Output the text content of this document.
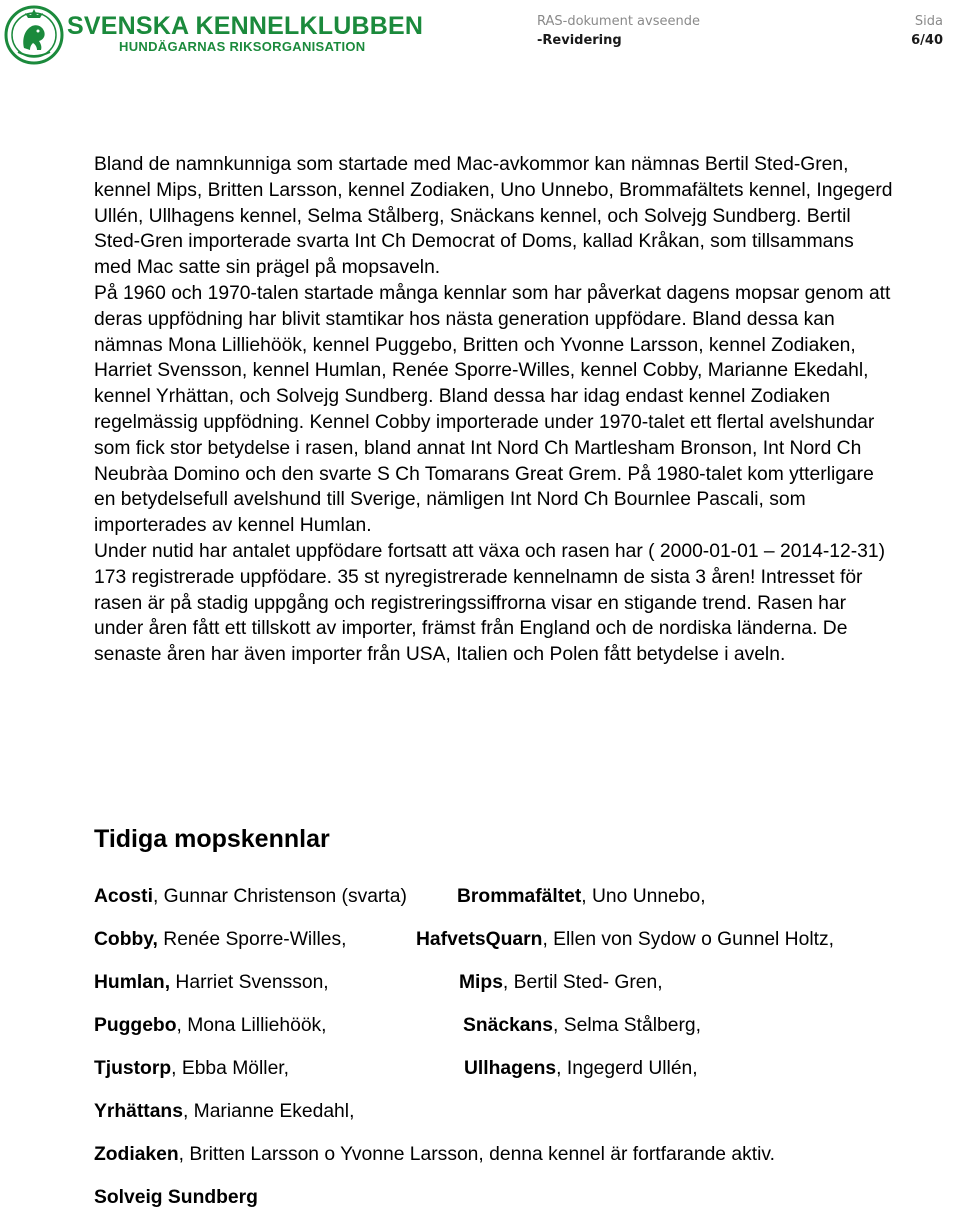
SVENSKA KENNELKLUBBEN
HUNDÄGARNAS RIKSORGANISATION
RAS-dokument avseende
-Revidering
Sida
6/40

Bland de namnkunniga som startade med Mac-avkommor kan nämnas Bertil Sted-Gren, kennel Mips, Britten Larsson, kennel Zodiaken, Uno Unnebo, Brommafältets kennel, Ingegerd Ullén, Ullhagens kennel, Selma Stålberg, Snäckans kennel, och Solvejg Sundberg. Bertil Sted-Gren importerade svarta Int Ch Democrat of Doms, kallad Kråkan, som tillsammans med Mac satte sin prägel på mopsaveln.

På 1960 och 1970-talen startade många kennlar som har påverkat dagens mopsar genom att deras uppfödning har blivit stamtikar hos nästa generation uppfödare. Bland dessa kan nämnas Mona Lilliehöök, kennel Puggebo, Britten och Yvonne Larsson, kennel Zodiaken, Harriet Svensson, kennel Humlan, Renée Sporre-Willes, kennel Cobby, Marianne Ekedahl, kennel Yrhättan, och Solvejg Sundberg. Bland dessa har idag endast kennel Zodiaken regelmässig uppfödning. Kennel Cobby importerade under 1970-talet ett flertal avelshundar som fick stor betydelse i rasen, bland annat Int Nord Ch Martlesham Bronson, Int Nord Ch Neubràa Domino och den svarte S Ch Tomarans Great Grem. På 1980-talet kom ytterligare en betydelsefull avelshund till Sverige, nämligen Int Nord Ch Bournlee Pascali, som importerades av kennel Humlan.

Under nutid har antalet uppfödare fortsatt att växa och rasen har ( 2000-01-01 – 2014-12-31) 173 registrerade uppfödare. 35 st nyregistrerade kennelnamn de sista 3 åren! Intresset för rasen är på stadig uppgång och registreringssiffrorna visar en stigande trend. Rasen har under åren fått ett tillskott av importer, främst från England och de nordiska länderna. De senaste åren har även importer från USA, Italien och Polen fått betydelse i aveln.

Tidiga mopskennlar
Acosti, Gunnar Christenson (svarta)	Brommafältet, Uno Unnebo,
Cobby, Renée Sporre-Willes,	HafvetsQuarn, Ellen von Sydow o Gunnel Holtz,
Humlan, Harriet Svensson,	Mips, Bertil Sted- Gren,
Puggebo, Mona Lilliehöök,	Snäckans, Selma Stålberg,
Tjustorp, Ebba Möller,	Ullhagens, Ingegerd Ullén,
Yrhättans, Marianne Ekedahl,
Zodiaken, Britten Larsson o Yvonne Larsson, denna kennel är fortfarande aktiv.
Solveig Sundberg
